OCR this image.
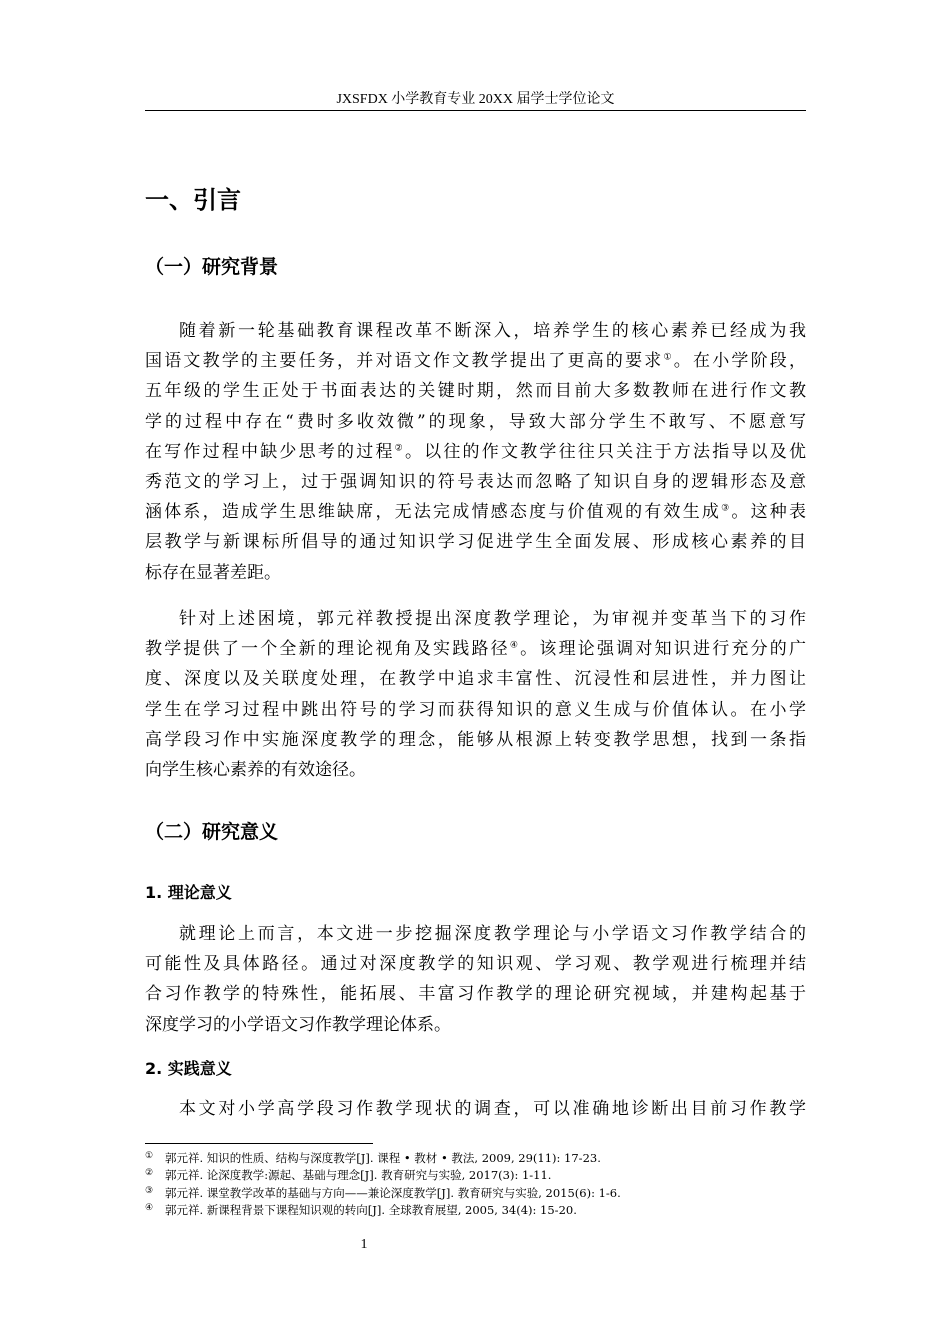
JXSFDX 小学教育专业 20XX 届学士学位论文
一、引言
（一）研究背景
随着新一轮基础教育课程改革不断深入，培养学生的核心素养已经成为我
国语文教学的主要任务，并对语文作文教学提出了更高的要求①。在小学阶段，
五年级的学生正处于书面表达的关键时期，然而目前大多数教师在进行作文教
学的过程中存在“费时多收效微”的现象，导致大部分学生不敢写、不愿意写
在写作过程中缺少思考的过程②。以往的作文教学往往只关注于方法指导以及优
秀范文的学习上，过于强调知识的符号表达而忽略了知识自身的逻辑形态及意
涵体系，造成学生思维缺席，无法完成情感态度与价值观的有效生成③。这种表
层教学与新课标所倡导的通过知识学习促进学生全面发展、形成核心素养的目
标存在显著差距。
针对上述困境，郭元祥教授提出深度教学理论，为审视并变革当下的习作
教学提供了一个全新的理论视角及实践路径④。该理论强调对知识进行充分的广
度、深度以及关联度处理，在教学中追求丰富性、沉浸性和层进性，并力图让
学生在学习过程中跳出符号的学习而获得知识的意义生成与价值体认。在小学
高学段习作中实施深度教学的理念，能够从根源上转变教学思想，找到一条指
向学生核心素养的有效途径。
（二）研究意义
1. 理论意义
就理论上而言，本文进一步挖掘深度教学理论与小学语文习作教学结合的
可能性及具体路径。通过对深度教学的知识观、学习观、教学观进行梳理并结
合习作教学的特殊性，能拓展、丰富习作教学的理论研究视域，并建构起基于
深度学习的小学语文习作教学理论体系。
2. 实践意义
本文对小学高学段习作教学现状的调查，可以准确地诊断出目前习作教学
① 郭元祥. 知识的性质、结构与深度教学[J]. 课程 • 教材 • 教法, 2009, 29(11): 17-23.
② 郭元祥. 论深度教学:源起、基础与理念[J]. 教育研究与实验, 2017(3): 1-11.
③ 郭元祥. 课堂教学改革的基础与方向——兼论深度教学[J]. 教育研究与实验, 2015(6): 1-6.
④ 郭元祥. 新课程背景下课程知识观的转向[J]. 全球教育展望, 2005, 34(4): 15-20.
1
